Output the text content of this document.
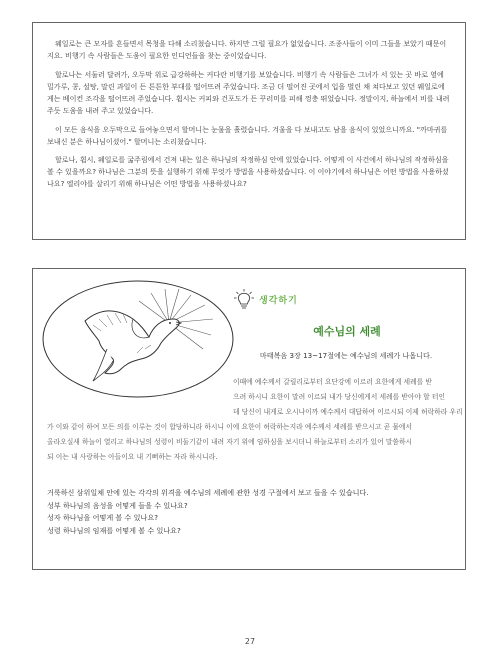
웨일로는 큰 모자를 흔들면서 목청을 다해 소리쳤습니다. 하지만 그럴 필요가 없었습니다. 조종사들이 이미 그들을 보았기 때문이지요. 비행기 속 사람들은 도움이 필요한 인디언들을 찾는 중이었습니다.

할로나는 서둘러 달려가, 오두막 위로 급강하하는 커다란 비행기를 보았습니다. 비행기 속 사람들은 그녀가 서 있는 곳 바로 옆에 밀가루, 콩, 설탕, 말린 과일이 든 튼튼한 부대를 떨어뜨려 주었습니다. 조금 더 떨어진 곳에서 입을 벌린 채 쳐다보고 있던 웨일로에게는 베이컨 조각을 떨어뜨려 주었습니다. 휩시는 커피와 건포도가 든 꾸러미를 피해 껑충 뛰었습니다. 정말이지, 하늘에서 비를 내려 주듯 도움을 내려 주고 있었습니다.

이 모든 음식을 오두막으로 들여놓으면서 할머니는 눈물을 흘렸습니다. 겨울을 다 보내고도 남을 음식이 있었으니까요. "까마귀를 보내신 분은 하나님이셨어." 할머니는 소리쳤습니다.

할로나, 휩시, 웨일로를 굶주림에서 건져 내는 일은 하나님의 작정하심 안에 있었습니다. 어떻게 이 사건에서 하나님의 작정하심을 볼 수 있을까요? 하나님은 그분의 뜻을 실행하기 위해 무엇가 방법을 사용하셨습니다. 이 이야기에서 하나님은 어떤 방법을 사용하셨나요? 엘리야를 살리기 위해 하나님은 어떤 방법을 사용하셨나요?

생각하기
예수님의 세례
마태복음 3장 13~17절에는 예수님의 세례가 나옵니다.
이때에 예수께서 갈릴리로부터 요단강에 이르러 요한에게 세례를 받
으려 하시니 요한이 말려 이르되 내가 당신에게서 세례를 받아야 할 터인
데 당신이 내게로 오시나이까 예수께서 대답하여 이르시되 이제 허락하라 우리
가 이와 같이 하여 모든 의를 이루는 것이 합당하니라 하시니 이에 요한이 허락하는지라 예수께서 세례를 받으시고 곧 물에서
올라오실새 하늘이 열리고 하나님의 성령이 비둘기같이 내려 자기 위에 임하심을 보시더니 하늘로부터 소리가 있어 말씀하시
되 이는 내 사랑하는 아들이요 내 기뻐하는 자라 하시니라.
거룩하신 삼위일체 안에 있는 각각의 위격을 예수님의 세례에 관한 성경 구절에서 보고 들을 수 있습니다.
성부 하나님의 음성을 어떻게 들을 수 있나요?
성자 하나님을 어떻게 볼 수 있나요?
성령 하나님의 임재를 어떻게 볼 수 있나요?
27
